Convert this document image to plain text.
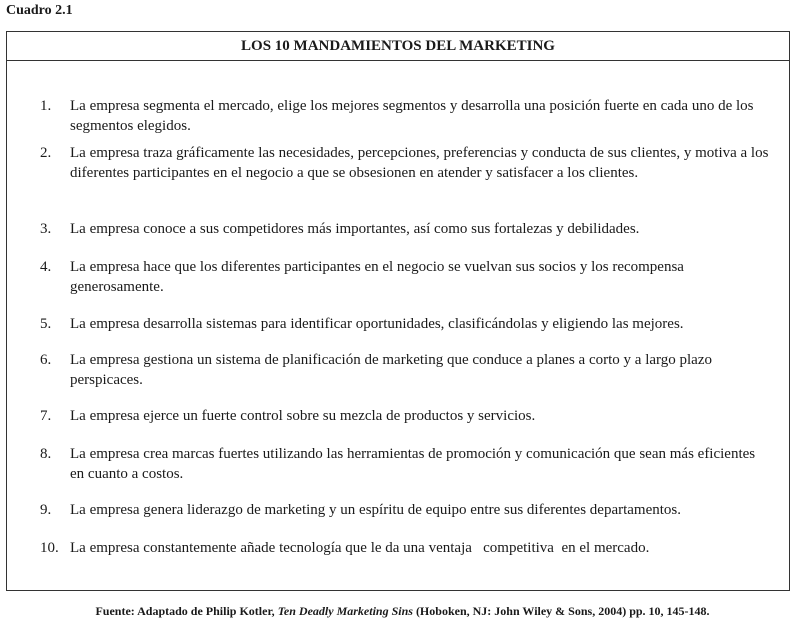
Cuadro 2.1
LOS 10 MANDAMIENTOS DEL MARKETING
1.	La empresa segmenta el mercado, elige los mejores segmentos y desarrolla una posición fuerte en cada uno de los segmentos elegidos.
2.	La empresa traza gráficamente las necesidades, percepciones, preferencias y conducta de sus clientes, y motiva a los diferentes participantes en el negocio a que se obsesionen en atender y satisfacer a los clientes.
3.	La empresa conoce a sus competidores más importantes, así como sus fortalezas y debilidades.
4.	La empresa hace que los diferentes participantes en el negocio se vuelvan sus socios y los recompensa generosamente.
5.	La empresa desarrolla sistemas para identificar oportunidades, clasificándolas y eligiendo las mejores.
6.	La empresa gestiona un sistema de planificación de marketing que conduce a planes a corto y a largo plazo perspicaces.
7.	La empresa ejerce un fuerte control sobre su mezcla de productos y servicios.
8.	La empresa crea marcas fuertes utilizando las herramientas de promoción y comunicación que sean más eficientes en cuanto a costos.
9.	La empresa genera liderazgo de marketing y un espíritu de equipo entre sus diferentes departamentos.
10. La empresa constantemente añade tecnología que le da una ventaja   competitiva  en el mercado.
Fuente: Adaptado de Philip Kotler, Ten Deadly Marketing Sins (Hoboken, NJ: John Wiley & Sons, 2004) pp. 10, 145-148.
